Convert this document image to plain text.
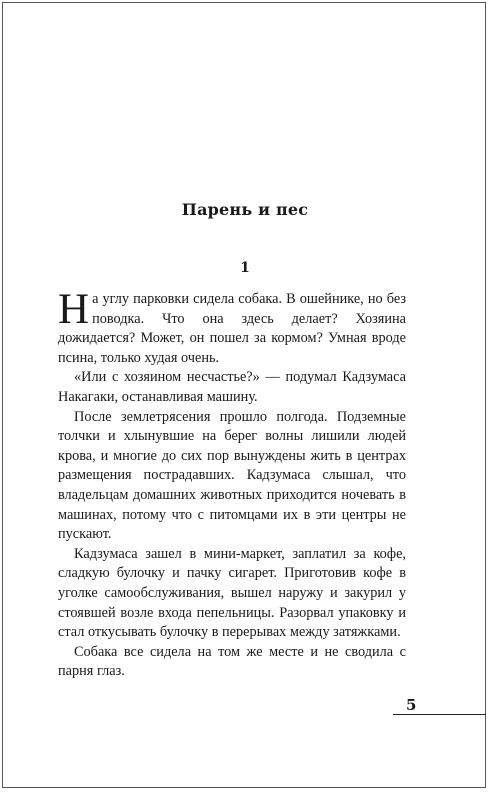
Парень и пес
1

На углу парковки сидела собака. В ошейнике, но без поводка. Что она здесь делает? Хозяина дожидается? Может, он пошел за кормом? Умная вроде псина, только худая очень.

«Или с хозяином несчастье?» — подумал Кадзумаса Накагаки, останавливая машину.

После землетрясения прошло полгода. Подземные толчки и хлынувшие на берег волны лишили людей крова, и многие до сих пор вынуждены жить в центрах размещения пострадавших. Кадзумаса слышал, что владельцам домашних животных приходится ночевать в машинах, потому что с питомцами их в эти центры не пускают.

Кадзумаса зашел в мини-маркет, заплатил за кофе, сладкую булочку и пачку сигарет. Приготовив кофе в уголке самообслуживания, вышел наружу и закурил у стоявшей возле входа пепельницы. Разорвал упаковку и стал откусывать булочку в перерывах между затяжками.

Собака все сидела на том же месте и не сводила с парня глаз.

5
